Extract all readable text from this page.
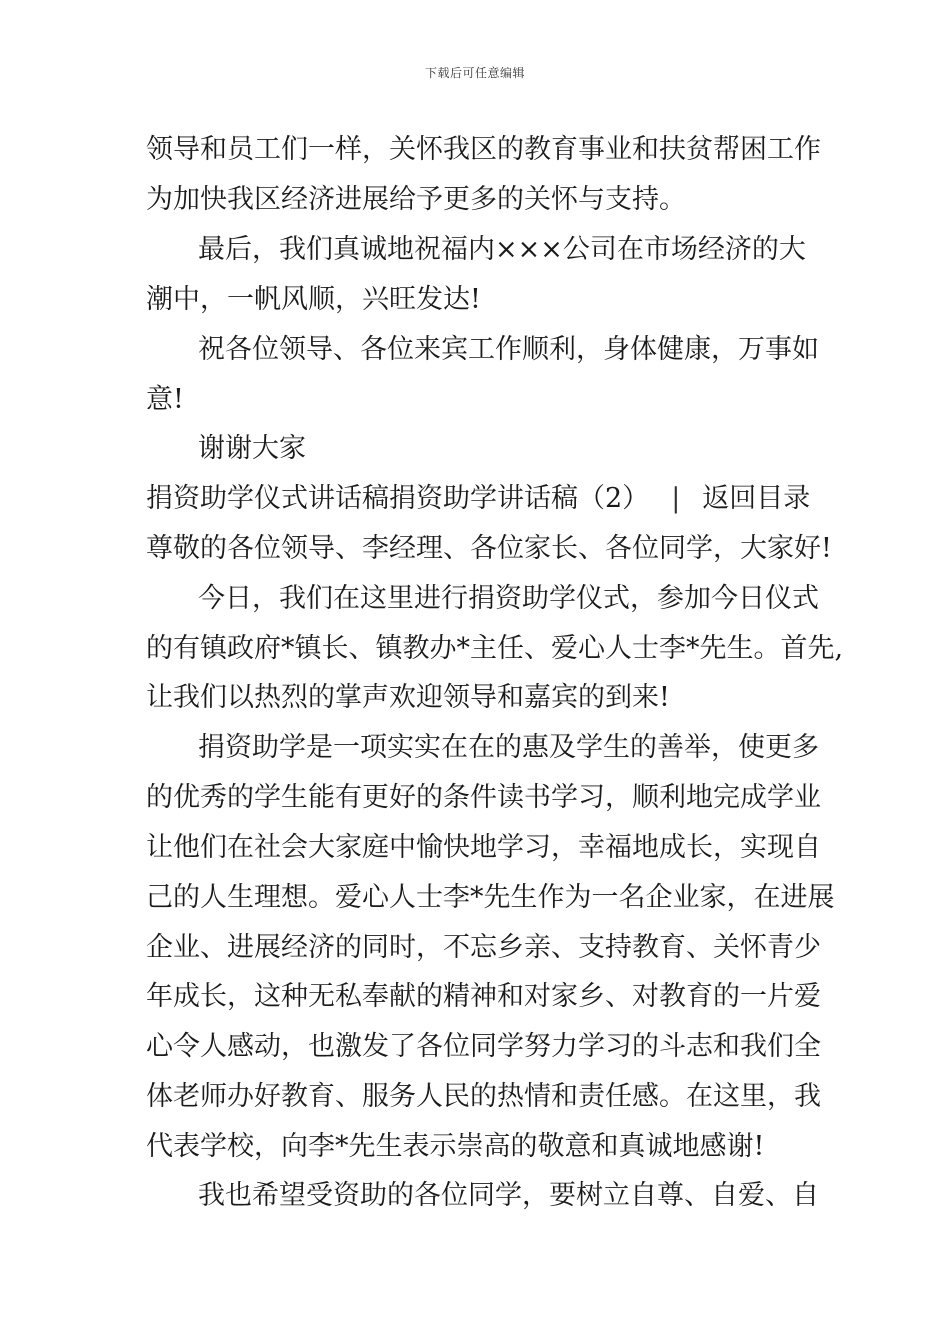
下载后可任意编辑
领导和员工们一样，关怀我区的教育事业和扶贫帮困工作
为加快我区经济进展给予更多的关怀与支持。
最后，我们真诚地祝福内×××公司在市场经济的大
潮中，一帆风顺，兴旺发达!
祝各位领导、各位来宾工作顺利，身体健康，万事如
意!
谢谢大家
捐资助学仪式讲话稿捐资助学讲话稿（2） | 返回目录
尊敬的各位领导、李经理、各位家长、各位同学，大家好!
今日，我们在这里进行捐资助学仪式，参加今日仪式
的有镇政府*镇长、镇教办*主任、爱心人士李*先生。首先,
让我们以热烈的掌声欢迎领导和嘉宾的到来!
捐资助学是一项实实在在的惠及学生的善举，使更多
的优秀的学生能有更好的条件读书学习，顺利地完成学业
让他们在社会大家庭中愉快地学习，幸福地成长，实现自
己的人生理想。爱心人士李*先生作为一名企业家，在进展
企业、进展经济的同时，不忘乡亲、支持教育、关怀青少
年成长，这种无私奉献的精神和对家乡、对教育的一片爱
心令人感动，也激发了各位同学努力学习的斗志和我们全
体老师办好教育、服务人民的热情和责任感。在这里，我
代表学校，向李*先生表示崇高的敬意和真诚地感谢!
我也希望受资助的各位同学，要树立自尊、自爱、自
